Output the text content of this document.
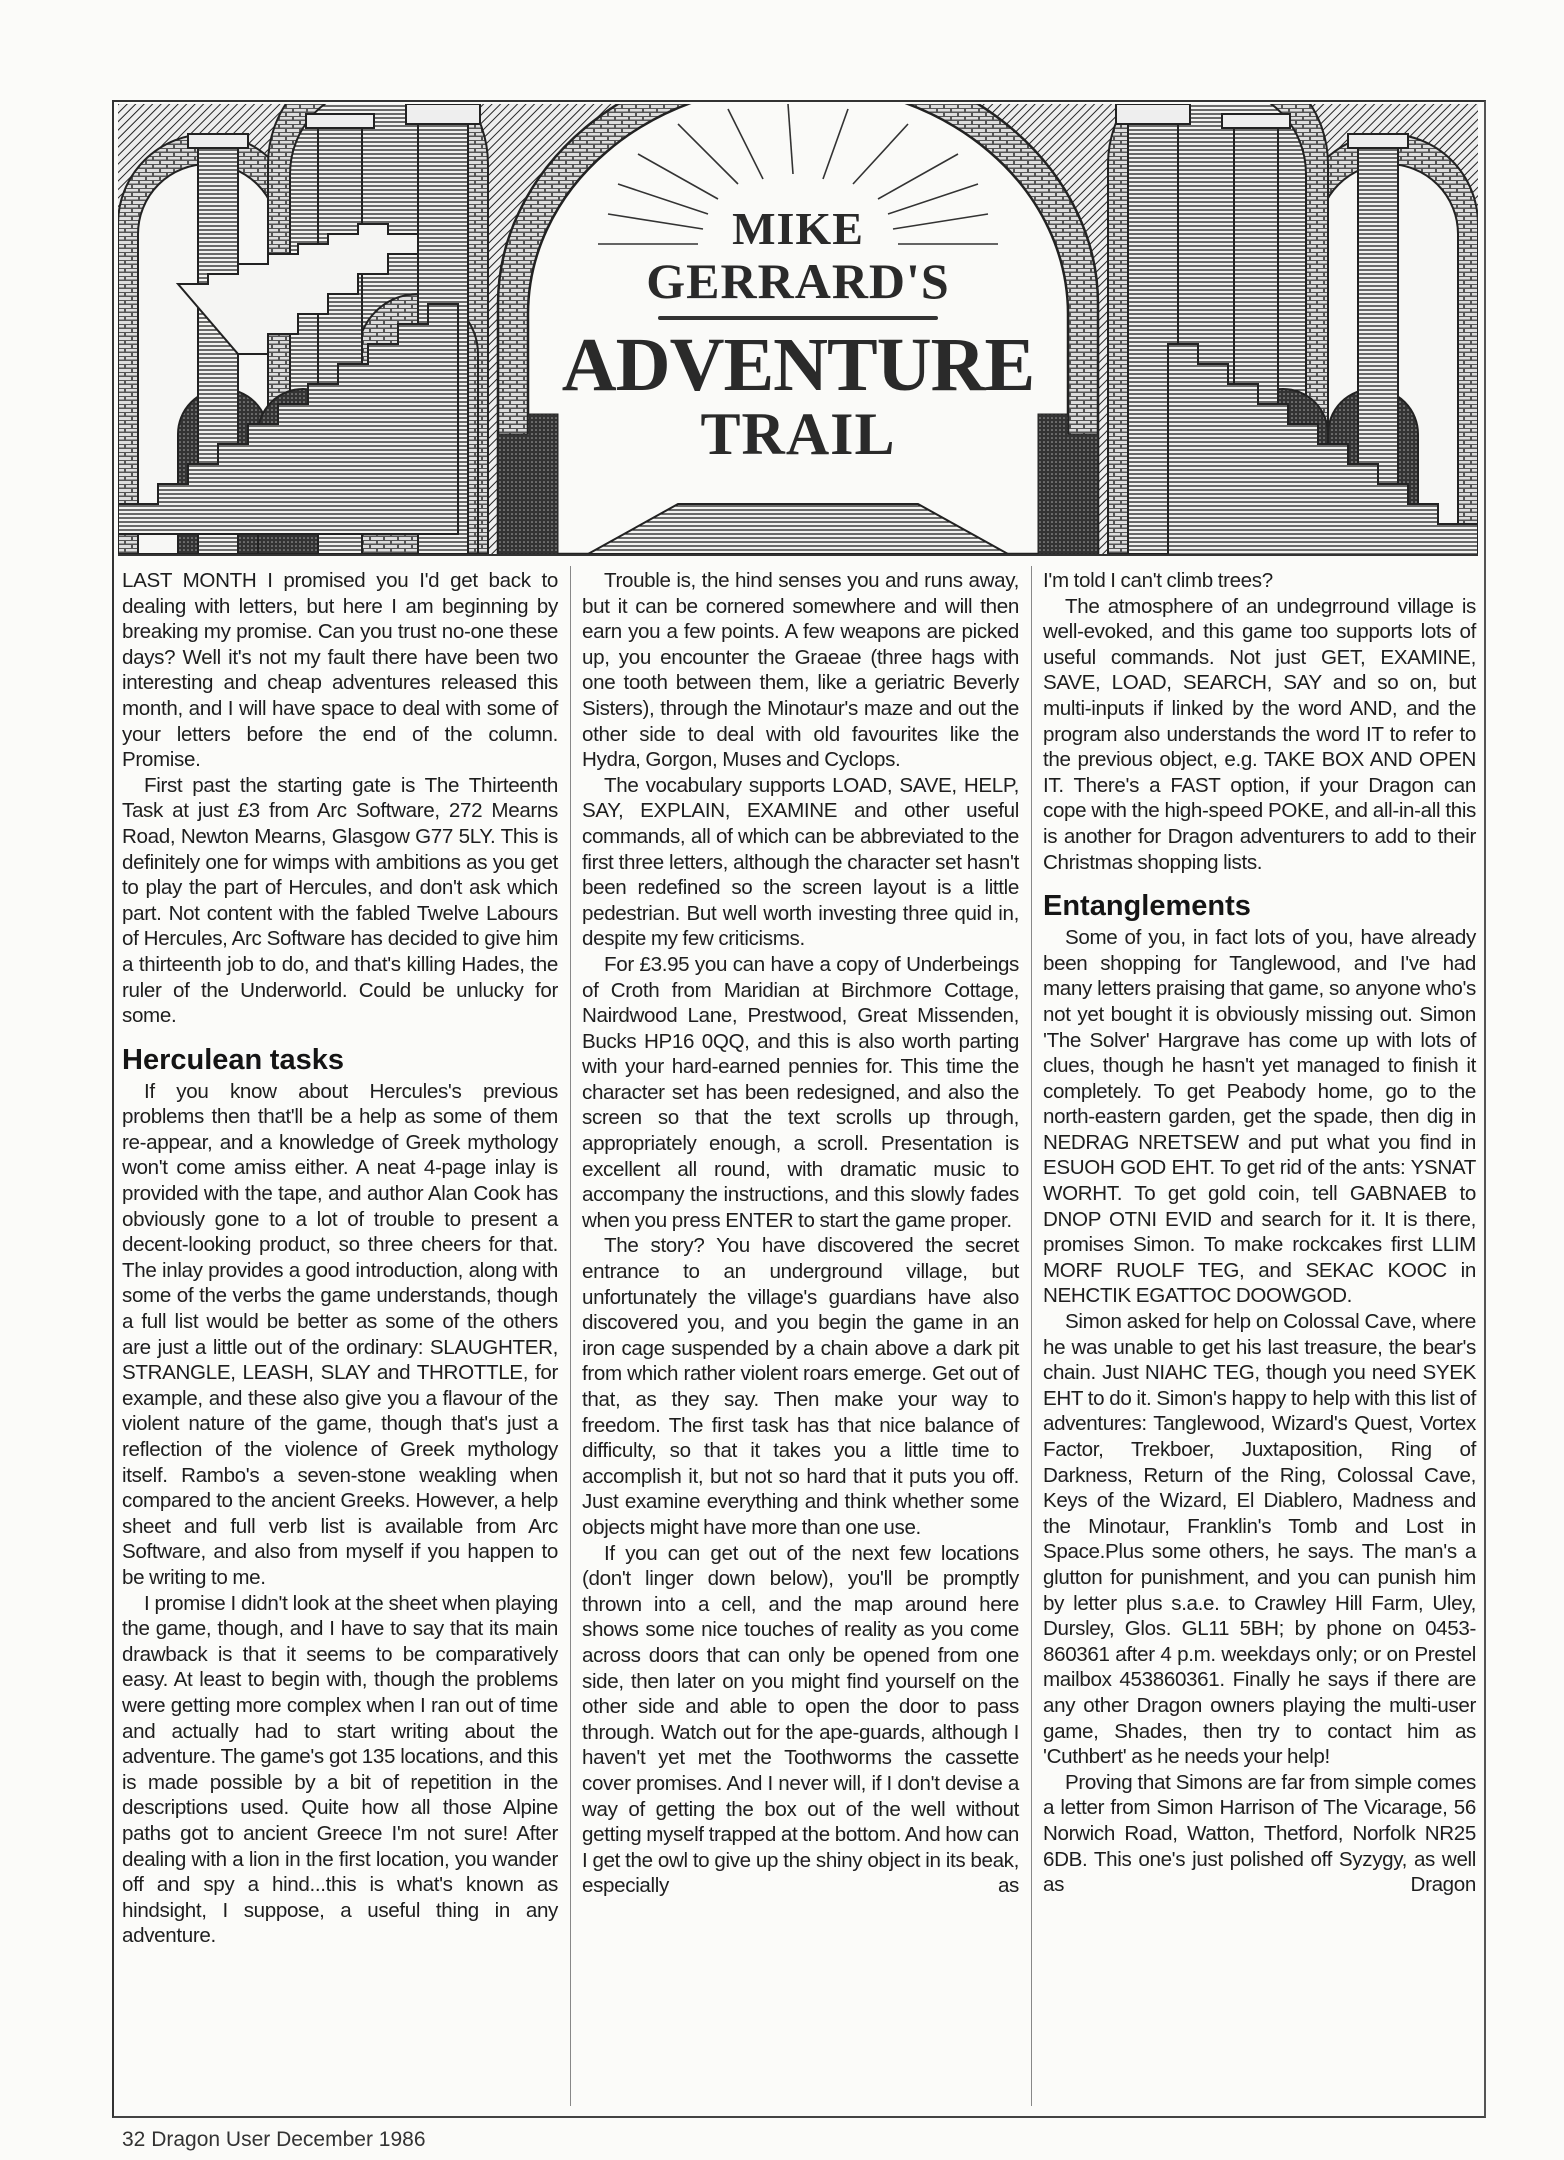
MIKE
GERRARD'S
ADVENTURE
TRAIL

LAST MONTH I promised you I'd get back to dealing with letters, but here I am beginning by breaking my promise. Can you trust no-one these days? Well it's not my fault there have been two interesting and cheap adventures released this month, and I will have space to deal with some of your letters before the end of the column. Promise.

First past the starting gate is The Thirteenth Task at just £3 from Arc Software, 272 Mearns Road, Newton Mearns, Glasgow G77 5LY. This is definitely one for wimps with ambitions as you get to play the part of Hercules, and don't ask which part. Not content with the fabled Twelve Labours of Hercules, Arc Software has decided to give him a thirteenth job to do, and that's killing Hades, the ruler of the Underworld. Could be unlucky for some.

Herculean tasks

If you know about Hercules's previous problems then that'll be a help as some of them re-appear, and a knowledge of Greek mythology won't come amiss either. A neat 4-page inlay is provided with the tape, and author Alan Cook has obviously gone to a lot of trouble to present a decent-looking product, so three cheers for that. The inlay provides a good introduction, along with some of the verbs the game understands, though a full list would be better as some of the others are just a little out of the ordinary: SLAUGHTER, STRANGLE, LEASH, SLAY and THROTTLE, for example, and these also give you a flavour of the violent nature of the game, though that's just a reflection of the violence of Greek mythology itself. Rambo's a seven-stone weakling when compared to the ancient Greeks. However, a help sheet and full verb list is available from Arc Software, and also from myself if you happen to be writing to me.

I promise I didn't look at the sheet when playing the game, though, and I have to say that its main drawback is that it seems to be comparatively easy. At least to begin with, though the problems were getting more complex when I ran out of time and actually had to start writing about the adventure. The game's got 135 locations, and this is made possible by a bit of repetition in the descriptions used. Quite how all those Alpine paths got to ancient Greece I'm not sure! After dealing with a lion in the first location, you wander off and spy a hind...this is what's known as hindsight, I suppose, a useful thing in any adventure.

Trouble is, the hind senses you and runs away, but it can be cornered somewhere and will then earn you a few points. A few weapons are picked up, you encounter the Graeae (three hags with one tooth between them, like a geriatric Beverly Sisters), through the Minotaur's maze and out the other side to deal with old favourites like the Hydra, Gorgon, Muses and Cyclops.

The vocabulary supports LOAD, SAVE, HELP, SAY, EXPLAIN, EXAMINE and other useful commands, all of which can be abbreviated to the first three letters, although the character set hasn't been redefined so the screen layout is a little pedestrian. But well worth investing three quid in, despite my few criticisms.

For £3.95 you can have a copy of Underbeings of Croth from Maridian at Birchmore Cottage, Nairdwood Lane, Prestwood, Great Missenden, Bucks HP16 0QQ, and this is also worth parting with your hard-earned pennies for. This time the character set has been redesigned, and also the screen so that the text scrolls up through, appropriately enough, a scroll. Presentation is excellent all round, with dramatic music to accompany the instructions, and this slowly fades when you press ENTER to start the game proper.

The story? You have discovered the secret entrance to an underground village, but unfortunately the village's guardians have also discovered you, and you begin the game in an iron cage suspended by a chain above a dark pit from which rather violent roars emerge. Get out of that, as they say. Then make your way to freedom. The first task has that nice balance of difficulty, so that it takes you a little time to accomplish it, but not so hard that it puts you off. Just examine everything and think whether some objects might have more than one use.

If you can get out of the next few locations (don't linger down below), you'll be promptly thrown into a cell, and the map around here shows some nice touches of reality as you come across doors that can only be opened from one side, then later on you might find yourself on the other side and able to open the door to pass through. Watch out for the ape-guards, although I haven't yet met the Toothworms the cassette cover promises. And I never will, if I don't devise a way of getting the box out of the well without getting myself trapped at the bottom. And how can I get the owl to give up the shiny object in its beak, especially as

I'm told I can't climb trees?

The atmosphere of an undegrround village is well-evoked, and this game too supports lots of useful commands. Not just GET, EXAMINE, SAVE, LOAD, SEARCH, SAY and so on, but multi-inputs if linked by the word AND, and the program also understands the word IT to refer to the previous object, e.g. TAKE BOX AND OPEN IT. There's a FAST option, if your Dragon can cope with the high-speed POKE, and all-in-all this is another for Dragon adventurers to add to their Christmas shopping lists.

Entanglements

Some of you, in fact lots of you, have already been shopping for Tanglewood, and I've had many letters praising that game, so anyone who's not yet bought it is obviously missing out. Simon 'The Solver' Hargrave has come up with lots of clues, though he hasn't yet managed to finish it completely. To get Peabody home, go to the north-eastern garden, get the spade, then dig in NEDRAG NRETSEW and put what you find in ESUOH GOD EHT. To get rid of the ants: YSNAT WORHT. To get gold coin, tell GABNAEB to DNOP OTNI EVID and search for it. It is there, promises Simon. To make rockcakes first LLIM MORF RUOLF TEG, and SEKAC KOOC in NEHCTIK EGATTOC DOOWGOD.

Simon asked for help on Colossal Cave, where he was unable to get his last treasure, the bear's chain. Just NIAHC TEG, though you need SYEK EHT to do it. Simon's happy to help with this list of adventures: Tanglewood, Wizard's Quest, Vortex Factor, Trekboer, Juxtaposition, Ring of Darkness, Return of the Ring, Colossal Cave, Keys of the Wizard, El Diablero, Madness and the Minotaur, Franklin's Tomb and Lost in Space.Plus some others, he says. The man's a glutton for punishment, and you can punish him by letter plus s.a.e. to Crawley Hill Farm, Uley, Dursley, Glos. GL11 5BH; by phone on 0453-860361 after 4 p.m. weekdays only; or on Prestel mailbox 453860361. Finally he says if there are any other Dragon owners playing the multi-user game, Shades, then try to contact him as 'Cuthbert' as he needs your help!

Proving that Simons are far from simple comes a letter from Simon Harrison of The Vicarage, 56 Norwich Road, Watton, Thetford, Norfolk NR25 6DB. This one's just polished off Syzygy, as well as Dragon

32 Dragon User December 1986
